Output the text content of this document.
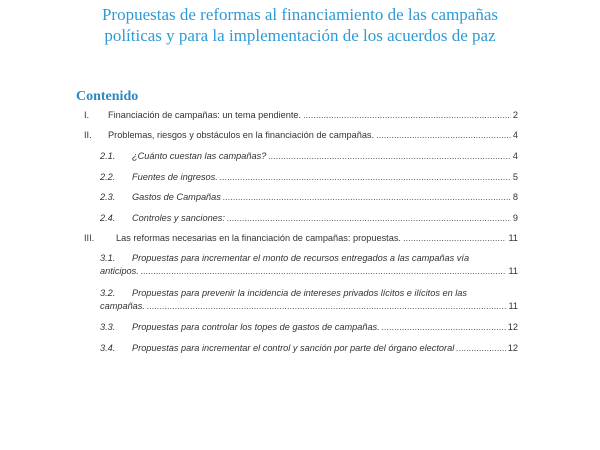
Propuestas de reformas al financiamiento de las campañas
políticas y para la implementación de los acuerdos de paz
Contenido
I.	Financiación de campañas: un tema pendiente. .....	2
II.	Problemas, riesgos y obstáculos en la financiación de campañas. .....	4
2.1.	¿Cuánto cuestan las campañas? .....	4
2.2.	Fuentes de ingresos. .....	5
2.3.	Gastos de Campañas .....	8
2.4.	Controles y sanciones: .....	9
III.	Las reformas necesarias en la financiación de campañas: propuestas. .....	11
3.1. Propuestas para incrementar el monto de recursos entregados a las campañas vía
anticipos. .....	11
3.2. Propuestas para prevenir la incidencia de intereses privados lícitos e ilícitos en las
campañas. .....	11
3.3.	Propuestas para controlar los topes de gastos de campañas. .....	12
3.4.	Propuestas para incrementar el control y sanción por parte del órgano electoral .....	12
